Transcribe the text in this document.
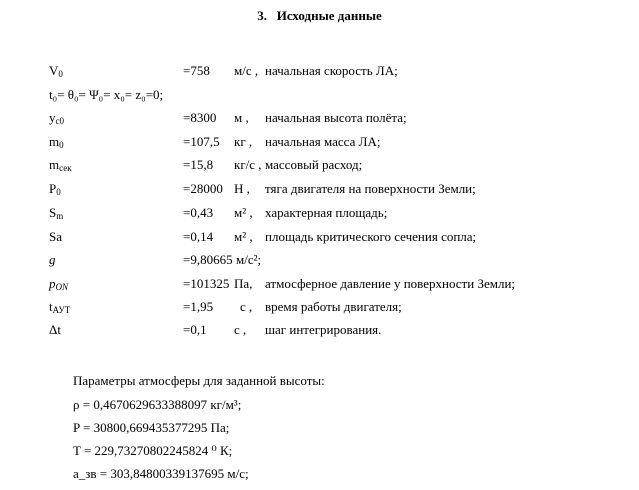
3. Исходные данные
$V_0$	=758 м/с , начальная скорость ЛА;
t₀= θ₀= Ψ₀= x₀= z₀=0;
$y_{c0}$	=8300 м , начальная высота полёта;
$m_0$	=107,5 кг , начальная масса ЛА;
$m_{сек}$	=15,8 кг/с , массовый расход;
$P_0$	=28000 Н , тяга двигателя на поверхности Земли;
$S_m$	=0,43 м² , характерная площадь;
Sa	=0,14 м² , площадь критического сечения сопла;
g	=9,80665 м/с²;
$p_{ON}$	=101325 Па, атмосферное давление у поверхности Земли;
$t_{АУТ}$	=1,95 с , время работы двигателя;
Δt	=0,1 с , шаг интегрирования.
Параметры атмосферы для заданной высоты:
ρ = 0,4670629633388097 кг/м³;
P = 30800,669435377295 Па;
T = 229,73270802245824 ⁰ К;
a_зв = 303,84800339137695 м/с;
